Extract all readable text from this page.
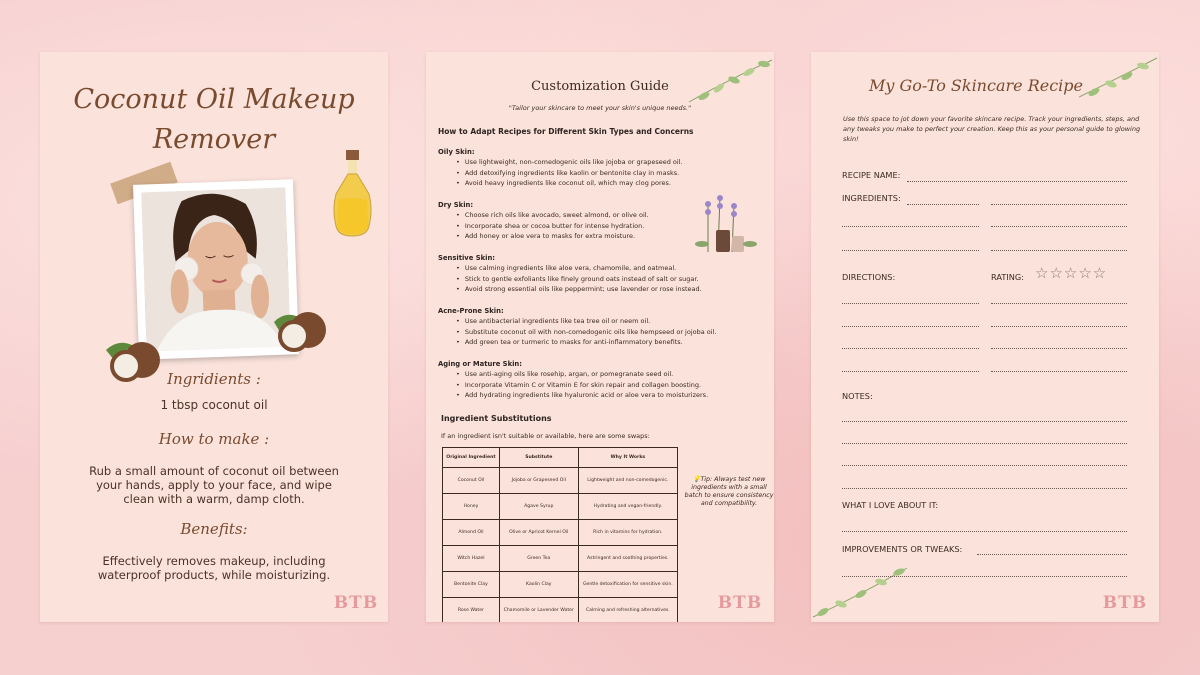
Coconut Oil Makeup
Remover
Ingridients :
1 tbsp coconut oil
How to make :
Rub a small amount of coconut oil between your hands, apply to your face, and wipe clean with a warm, damp cloth.
Benefits:
Effectively removes makeup, including waterproof products, while moisturizing.
BTB

Customization Guide
"Tailor your skincare to meet your skin's unique needs."
How to Adapt Recipes for Different Skin Types and Concerns
Oily Skin:
• Use lightweight, non-comedogenic oils like jojoba or grapeseed oil.
• Add detoxifying ingredients like kaolin or bentonite clay in masks.
• Avoid heavy ingredients like coconut oil, which may clog pores.
Dry Skin:
• Choose rich oils like avocado, sweet almond, or olive oil.
• Incorporate shea or cocoa butter for intense hydration.
• Add honey or aloe vera to masks for extra moisture.
Sensitive Skin:
• Use calming ingredients like aloe vera, chamomile, and oatmeal.
• Stick to gentle exfoliants like finely ground oats instead of salt or sugar.
• Avoid strong essential oils like peppermint; use lavender or rose instead.
Acne-Prone Skin:
• Use antibacterial ingredients like tea tree oil or neem oil.
• Substitute coconut oil with non-comedogenic oils like hempseed or jojoba oil.
• Add green tea or turmeric to masks for anti-inflammatory benefits.
Aging or Mature Skin:
• Use anti-aging oils like rosehip, argan, or pomegranate seed oil.
• Incorporate Vitamin C or Vitamin E for skin repair and collagen boosting.
• Add hydrating ingredients like hyaluronic acid or aloe vera to moisturizers.
Ingredient Substitutions
If an ingredient isn't suitable or available, here are some swaps:
Original Ingredient	Substitute	Why It Works
Coconut Oil	Jojoba or Grapeseed Oil	Lightweight and non-comedogenic.
Honey	Agave Syrup	Hydrating and vegan-friendly.
Almond Oil	Olive or Apricot Kernel Oil	Rich in vitamins for hydration.
Witch Hazel	Green Tea	Astringent and soothing properties.
Bentonite Clay	Kaolin Clay	Gentle detoxification for sensitive skin.
Rose Water	Chamomile or Lavender Water	Calming and refreshing alternatives.
💡Tip: Always test new ingredients with a small batch to ensure consistency and compatibility.
BTB

My Go-To Skincare Recipe
Use this space to jot down your favorite skincare recipe. Track your ingredients, steps, and any tweaks you make to perfect your creation. Keep this as your personal guide to glowing skin!
RECIPE NAME:
INGREDIENTS:
DIRECTIONS:	RATING: ☆☆☆☆☆
NOTES:
WHAT I LOVE ABOUT IT:
IMPROVEMENTS OR TWEAKS:
BTB
